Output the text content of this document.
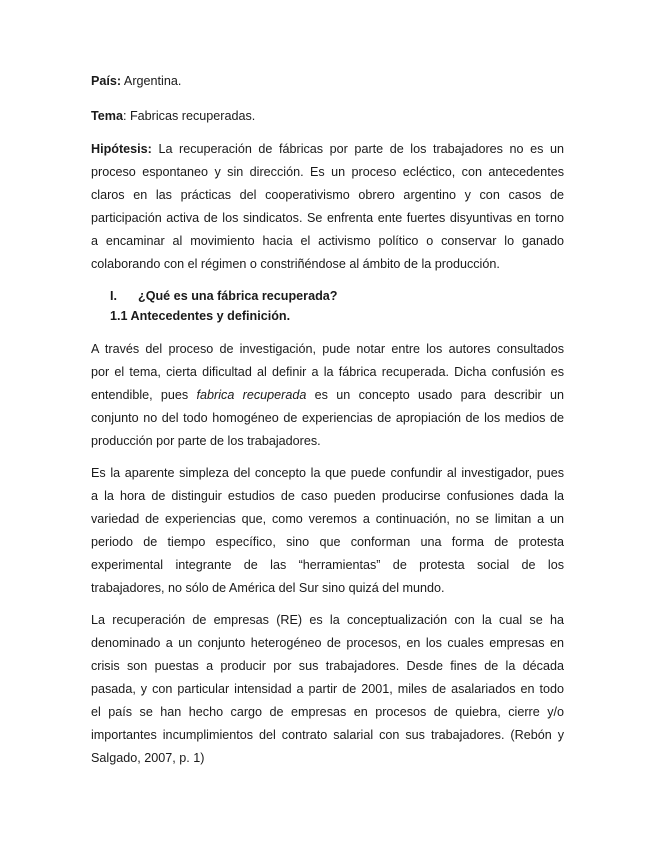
País: Argentina.
Tema: Fabricas recuperadas.
Hipótesis: La recuperación de fábricas por parte de los trabajadores no es un
proceso espontaneo y sin dirección. Es un proceso ecléctico, con antecedentes
claros en las prácticas del cooperativismo obrero argentino y con casos de
participación activa de los sindicatos. Se enfrenta ente fuertes disyuntivas en torno
a encaminar al movimiento hacia el activismo político o conservar lo ganado
colaborando con el régimen o constriñéndose al ámbito de la producción.
I. ¿Qué es una fábrica recuperada?
1.1 Antecedentes y definición.
A través del proceso de investigación, pude notar entre los autores consultados
por el tema, cierta dificultad al definir a la fábrica recuperada. Dicha confusión es
entendible, pues fabrica recuperada es un concepto usado para describir un
conjunto no del todo homogéneo de experiencias de apropiación de los medios de
producción por parte de los trabajadores.
Es la aparente simpleza del concepto la que puede confundir al investigador, pues
a la hora de distinguir estudios de caso pueden producirse confusiones dada la
variedad de experiencias que, como veremos a continuación, no se limitan a un
periodo de tiempo específico, sino que conforman una forma de protesta
experimental integrante de las “herramientas” de protesta social de los
trabajadores, no sólo de América del Sur sino quizá del mundo.
La recuperación de empresas (RE) es la conceptualización con la cual se ha
denominado a un conjunto heterogéneo de procesos, en los cuales empresas en
crisis son puestas a producir por sus trabajadores. Desde fines de la década
pasada, y con particular intensidad a partir de 2001, miles de asalariados en todo
el país se han hecho cargo de empresas en procesos de quiebra, cierre y/o
importantes incumplimientos del contrato salarial con sus trabajadores. (Rebón y
Salgado, 2007, p. 1)
